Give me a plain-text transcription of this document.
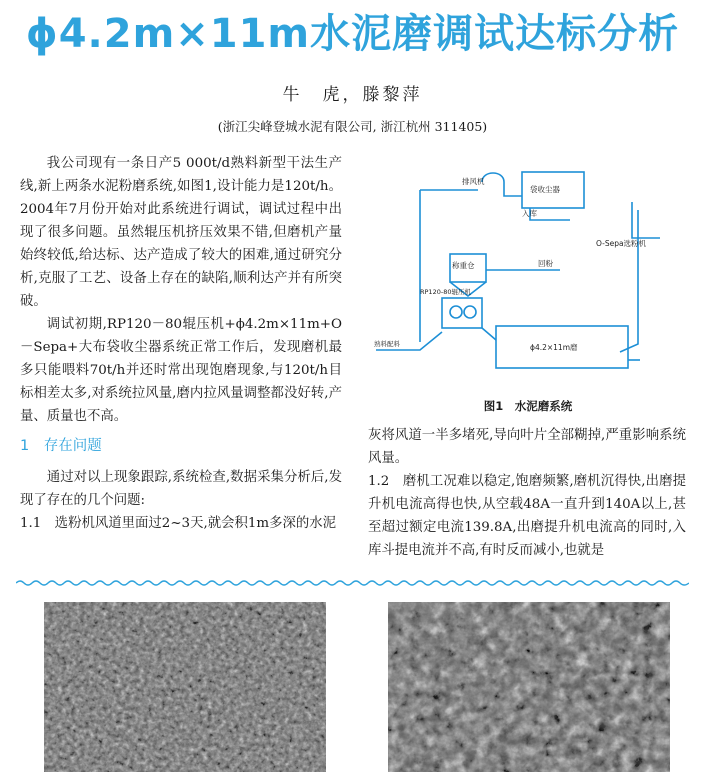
ϕ4.2m×11m水泥磨调试达标分析
牛　虎，滕黎萍
(浙江尖峰登城水泥有限公司, 浙江杭州 311405)

我公司现有一条日产5 000t/d熟料新型干法生产线,新上两条水泥粉磨系统,如图1,设计能力是120t/h。2004年7月份开始对此系统进行调试，调试过程中出现了很多问题。虽然辊压机挤压效果不错,但磨机产量始终较低,给达标、达产造成了较大的困难,通过研究分析,克服了工艺、设备上存在的缺陷,顺利达产并有所突破。

调试初期,RP120－80辊压机+ϕ4.2m×11m+O－Sepa+大布袋收尘器系统正常工作后，发现磨机最多只能喂料70t/h并还时常出现饱磨现象,与120t/h目标相差太多,对系统拉风量,磨内拉风量调整都没好转,产量、质量也不高。

1　存在问题

通过对以上现象跟踪,系统检查,数据采集分析后,发现了存在的几个问题:

1.1　选粉机风道里面过2~3天,就会积1m多深的水泥

排风机
袋收尘器
入库
O-Sepa选粉机
称重仓	回粉
RP120-80辊压机
ϕ4.2×11m磨
熟料配料
图1　水泥磨系统

灰将风道一半多堵死,导向叶片全部糊掉,严重影响系统风量。

1.2　磨机工况难以稳定,饱磨频繁,磨机沉得快,出磨提升机电流高得也快,从空载48A一直升到140A以上,甚至超过额定电流139.8A,出磨提升机电流高的同时,入库斗提电流并不高,有时反而减小,也就是
